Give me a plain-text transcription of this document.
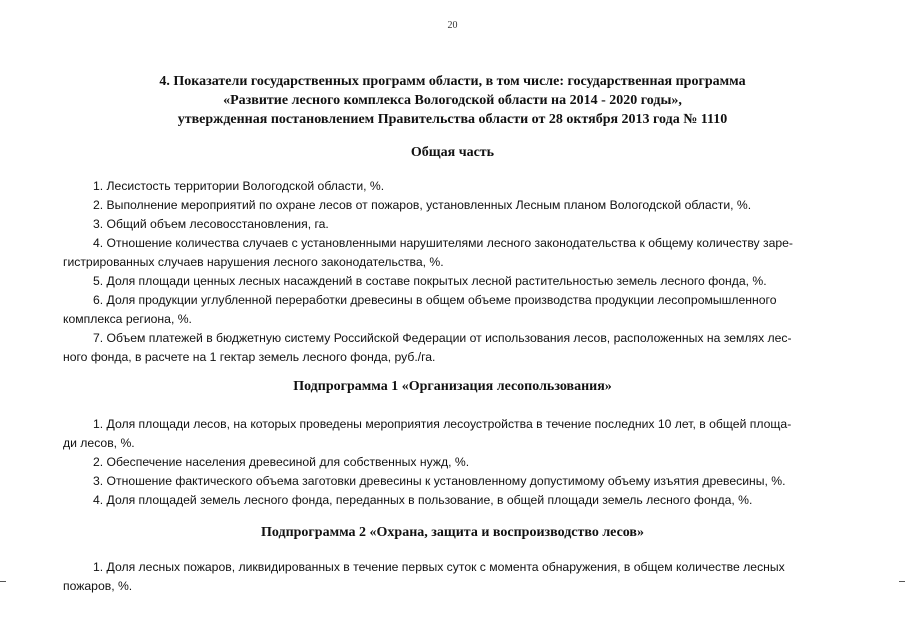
20
4. Показатели государственных программ области, в том числе: государственная программа
«Развитие лесного комплекса Вологодской области на 2014 - 2020 годы»,
утвержденная постановлением Правительства области от 28 октября 2013 года № 1110
Общая часть
1. Лесистость территории Вологодской области, %.
2. Выполнение мероприятий по охране лесов от пожаров, установленных Лесным планом Вологодской области, %.
3. Общий объем лесовосстановления, га.
4. Отношение количества случаев с установленными нарушителями лесного законодательства к общему количеству заре-
гистрированных случаев нарушения лесного законодательства, %.
5. Доля площади ценных лесных насаждений в составе покрытых лесной растительностью земель лесного фонда, %.
6. Доля продукции углубленной переработки древесины в общем объеме производства продукции лесопромышленного
комплекса региона, %.
7. Объем платежей в бюджетную систему Российской Федерации от использования лесов, расположенных на землях лес-
ного фонда, в расчете на 1 гектар земель лесного фонда, руб./га.
Подпрограмма 1 «Организация лесопользования»
1. Доля площади лесов, на которых проведены мероприятия лесоустройства в течение последних 10 лет, в общей площа-
ди лесов, %.
2. Обеспечение населения древесиной для собственных нужд, %.
3. Отношение фактического объема заготовки древесины к установленному допустимому объему изъятия древесины, %.
4. Доля площадей земель лесного фонда, переданных в пользование, в общей площади земель лесного фонда, %.
Подпрограмма 2 «Охрана, защита и воспроизводство лесов»
1. Доля лесных пожаров, ликвидированных в течение первых суток с момента обнаружения, в общем количестве лесных
пожаров, %.
